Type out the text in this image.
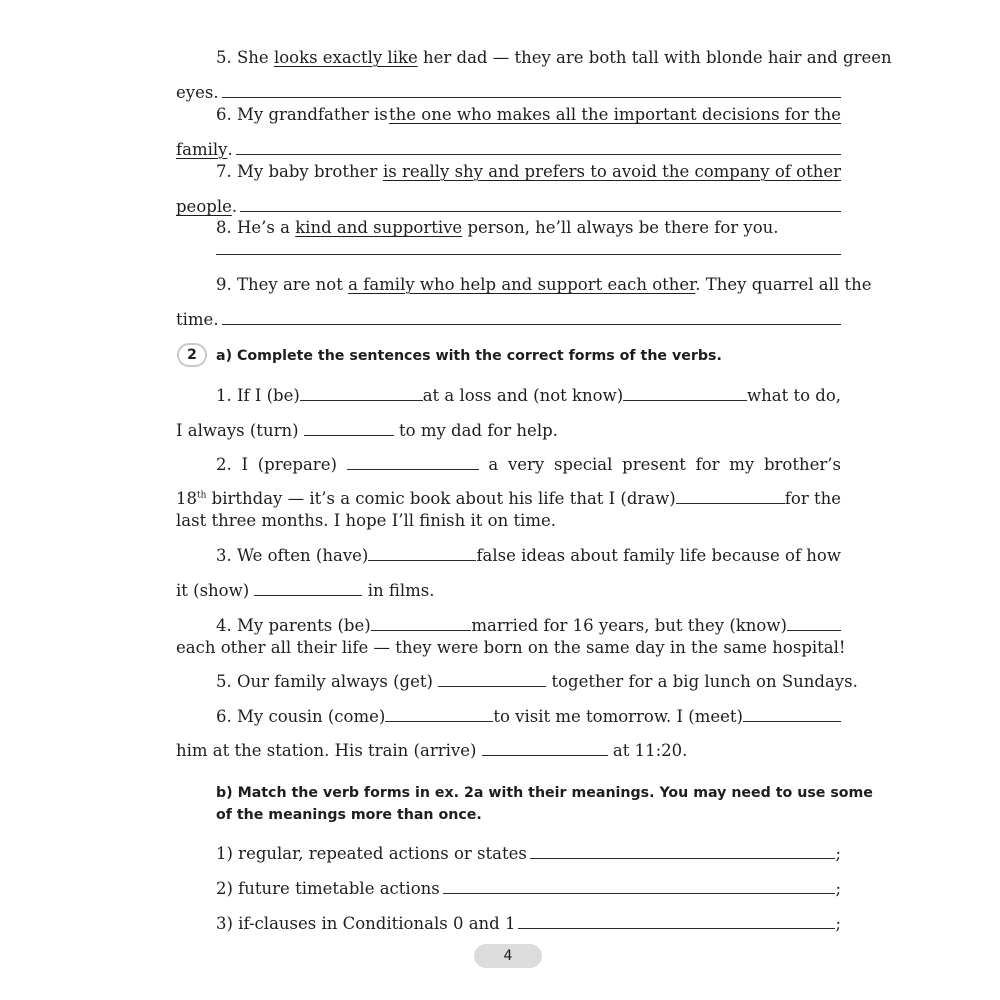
5. She looks exactly like her dad — they are both tall with blonde hair and green
eyes.
6. My grandfather is the one who makes all the important decisions for the
family .
7. My baby brother is really shy and prefers to avoid the company of other
people .
8. He’s a kind and supportive person, he’ll always be there for you.
9. They are not a family who help and support each other. They quarrel all the
time.
2	a) Complete the sentences with the correct forms of the verbs.
1. If I (be)	at a loss and (not know)	what to do,
I always (turn)	to my dad for help.
2. I (prepare)	a very special present for my brother’s
18th birthday — it’s a comic book about his life that I (draw)	for the
last three months. I hope I’ll finish it on time.
3. We often (have)	false ideas about family life because of how
it (show)	in films.
4. My parents (be)	married for 16 years, but they (know)
each other all their life — they were born on the same day in the same hospital!
5. Our family always (get)	together for a big lunch on Sundays.
6. My cousin (come)	to visit me tomorrow. I (meet)
him at the station. His train (arrive)	at 11:20.
b) Match the verb forms in ex. 2a with their meanings. You may need to use some
of the meanings more than once.
1) regular, repeated actions or states	;
2) future timetable actions	;
3) if-clauses in Conditionals 0 and 1	;
4
